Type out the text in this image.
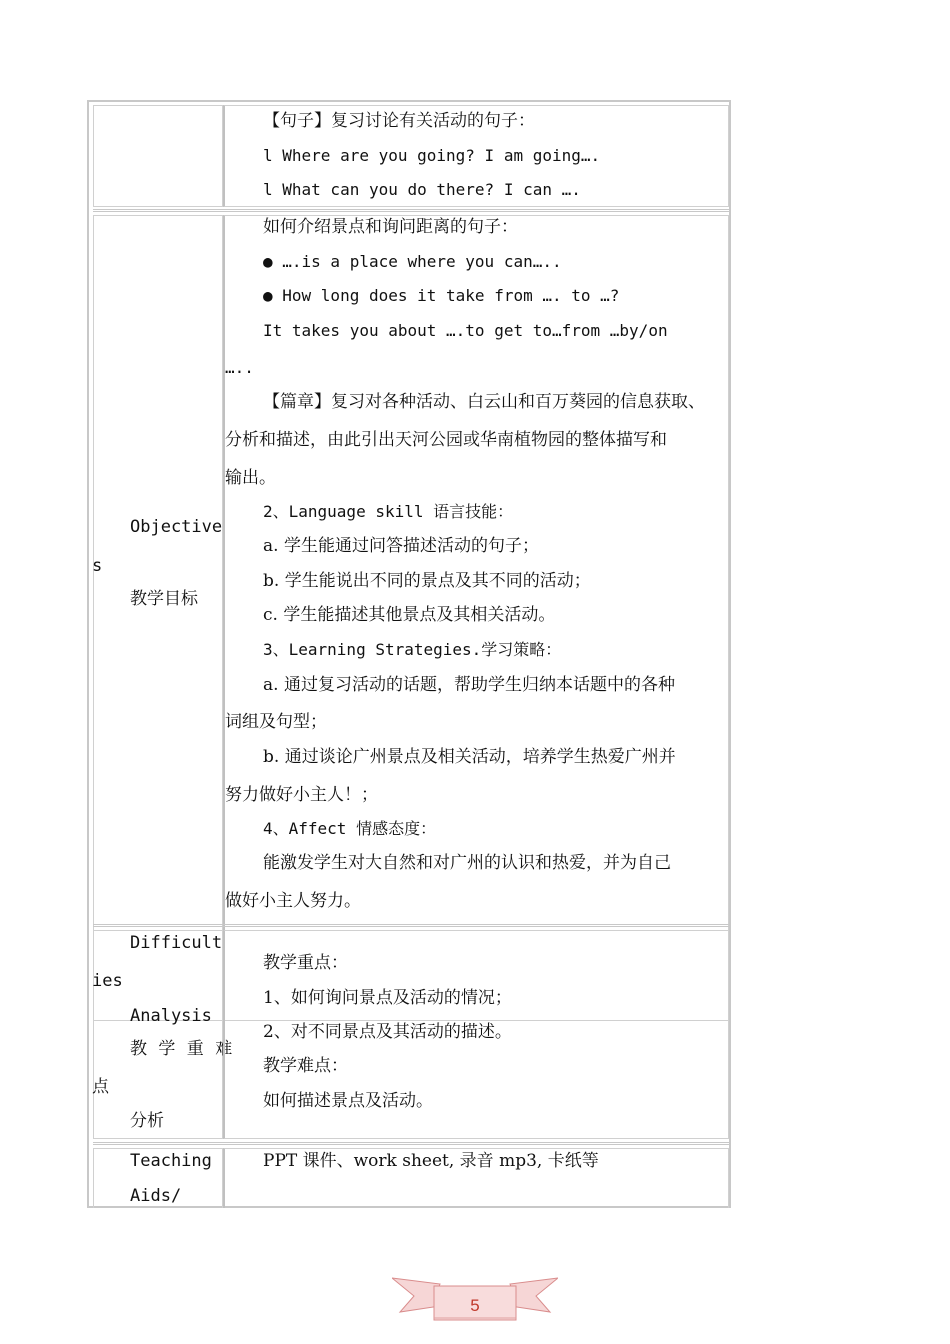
【句子】复习讨论有关活动的句子：
l Where are you going? I am going….
l What can you do there? I can ….
Objective
s
教学目标
如何介绍景点和询问距离的句子：
● ….is a place where you can…..
● How long does it take from …. to …?
It takes you about ….to get to…from …by/on
…..
【篇章】复习对各种活动、白云山和百万葵园的信息获取、
分析和描述，由此引出天河公园或华南植物园的整体描写和
输出。
2、Language skill 语言技能：
a. 学生能通过问答描述活动的句子；
b. 学生能说出不同的景点及其不同的活动；
c. 学生能描述其他景点及其相关活动。
3、Learning Strategies.学习策略：
a. 通过复习活动的话题，帮助学生归纳本话题中的各种
词组及句型；
b. 通过谈论广州景点及相关活动，培养学生热爱广州并
努力做好小主人！；
4、Affect 情感态度：
能激发学生对大自然和对广州的认识和热爱，并为自己
做好小主人努力。
Difficult
ies
Analysis
教 学 重 难
点
分析
教学重点：
1、如何询问景点及活动的情况；
2、对不同景点及其活动的描述。
教学难点：
如何描述景点及活动。
Teaching
Aids/
PPT 课件、work sheet, 录音 mp3, 卡纸等
5
